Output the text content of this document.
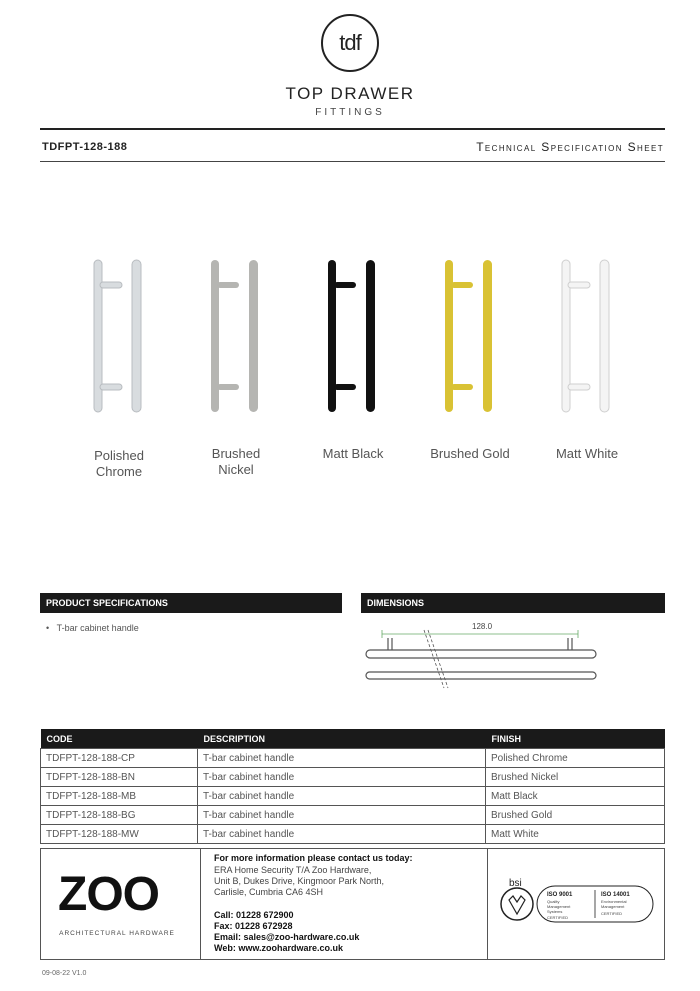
tdf
TOP DRAWER
FITTINGS
TDFPT-128-188	Technical Specification Sheet
Polished
Chrome
Brushed
Nickel
Matt Black	Brushed Gold	Matt White
PRODUCT SPECIFICATIONS
•   T-bar cabinet handle
DIMENSIONS
128.0
CODE	DESCRIPTION	FINISH
TDFPT-128-188-CP	T-bar cabinet handle	Polished Chrome
TDFPT-128-188-BN	T-bar cabinet handle	Brushed Nickel
TDFPT-128-188-MB	T-bar cabinet handle	Matt Black
TDFPT-128-188-BG	T-bar cabinet handle	Brushed Gold
TDFPT-128-188-MW	T-bar cabinet handle	Matt White
ZOO
ARCHITECTURAL HARDWARE
For more information please contact us today:
ERA Home Security T/A Zoo Hardware,
Unit B, Dukes Drive, Kingmoor Park North,
Carlisle, Cumbria CA6 4SH
Call: 01228 672900
Fax: 01228 672928
Email: sales@zoo-hardware.co.uk
Web: www.zoohardware.co.uk
bsi
ISO 9001
Quality
Management
Systems
CERTIFIED
ISO 14001
Environmental
Management
CERTIFIED
09-08-22 V1.0
